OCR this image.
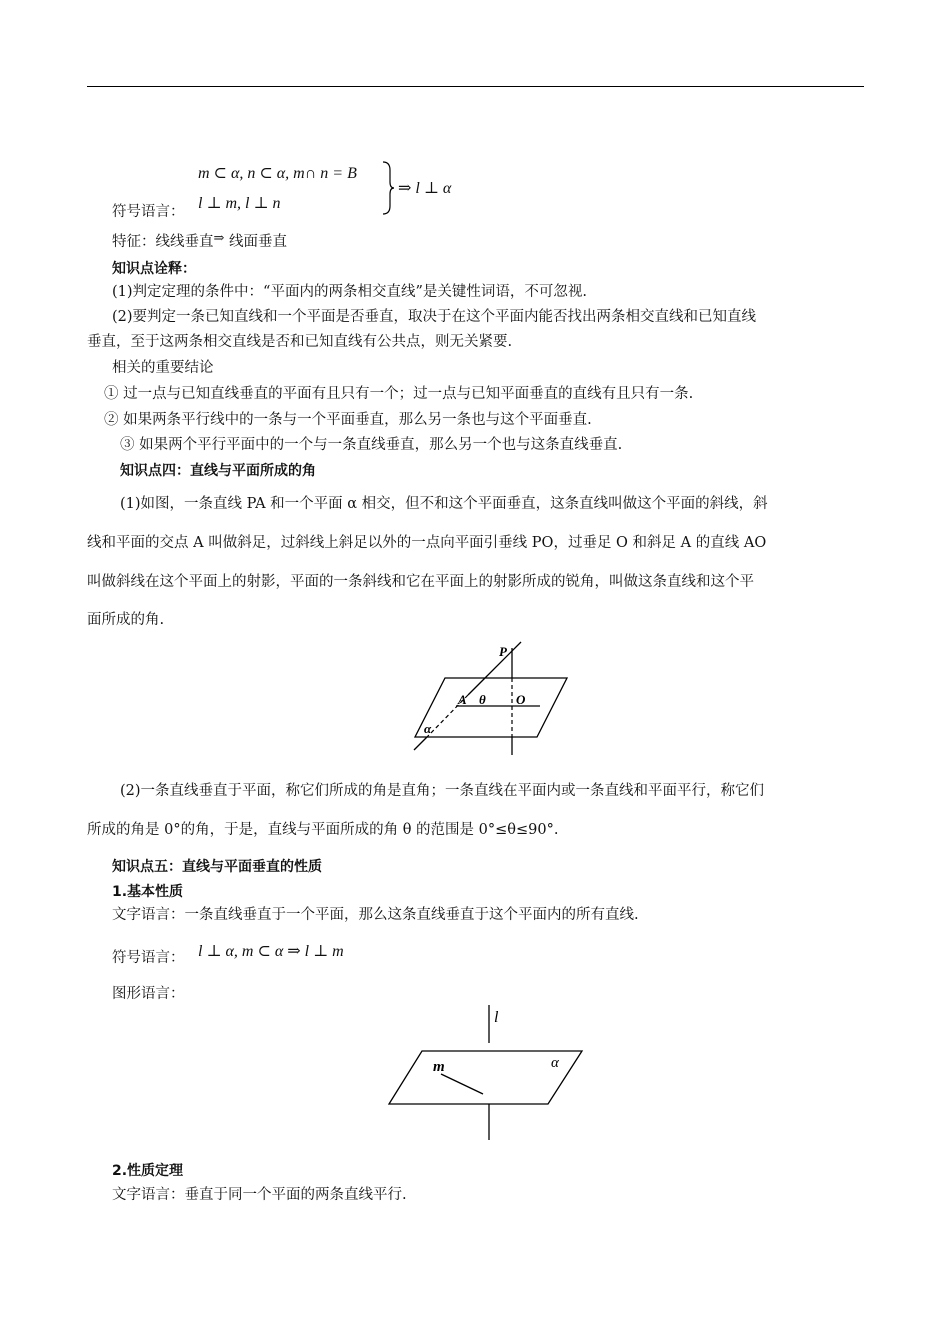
符号语言：
m ⊂ α, n ⊂ α, m∩ n = B
l ⊥ m, l ⊥ n
⇒ l ⊥ α
特征：线线垂直⇒ 线面垂直
知识点诠释：
(1)判定定理的条件中：“平面内的两条相交直线”是关键性词语，不可忽视.
(2)要判定一条已知直线和一个平面是否垂直，取决于在这个平面内能否找出两条相交直线和已知直线
垂直，至于这两条相交直线是否和已知直线有公共点，则无关紧要.
相关的重要结论
① 过一点与已知直线垂直的平面有且只有一个；过一点与已知平面垂直的直线有且只有一条.
② 如果两条平行线中的一条与一个平面垂直，那么另一条也与这个平面垂直.
③ 如果两个平行平面中的一个与一条直线垂直，那么另一个也与这条直线垂直.
知识点四：直线与平面所成的角
(1)如图，一条直线 PA 和一个平面 α 相交，但不和这个平面垂直，这条直线叫做这个平面的斜线，斜
线和平面的交点 A 叫做斜足，过斜线上斜足以外的一点向平面引垂线 PO，过垂足 O 和斜足 A 的直线 AO
叫做斜线在这个平面上的射影，平面的一条斜线和它在平面上的射影所成的锐角，叫做这条直线和这个平
面所成的角.
P
A θ O
α
(2)一条直线垂直于平面，称它们所成的角是直角；一条直线在平面内或一条直线和平面平行，称它们
所成的角是 0°的角，于是，直线与平面所成的角 θ 的范围是 0°≤θ≤90°.
知识点五：直线与平面垂直的性质
1.基本性质
文字语言：一条直线垂直于一个平面，那么这条直线垂直于这个平面内的所有直线.
符号语言： l ⊥ α, m ⊂ α ⇒ l ⊥ m
图形语言：
l
m	α
2.性质定理
文字语言：垂直于同一个平面的两条直线平行.
